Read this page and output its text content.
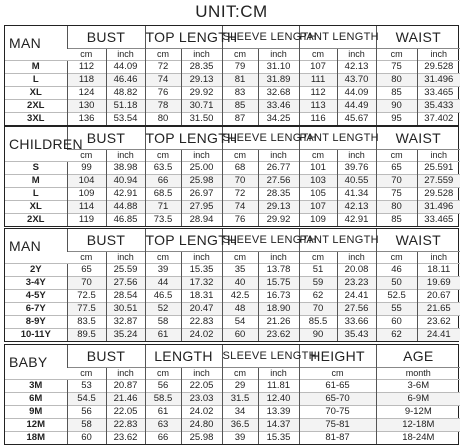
UNIT:CM
MAN	BUST		TOP LENGTH		SLEEVE LENGTH		PANT LENGTH		WAIST	
	cm	inch	cm	inch	cm	inch	cm	inch	cm	inch
M	112	44.09	72	28.35	79	31.10	107	42.13	75	29.528
L	118	46.46	74	29.13	81	31.89	111	43.70	80	31.496
XL	124	48.82	76	29.92	83	32.68	112	44.09	85	33.465
2XL	130	51.18	78	30.71	85	33.46	113	44.49	90	35.433
3XL	136	53.54	80	31.50	87	34.25	116	45.67	95	37.402
CHILDREN	BUST		TOP LENGTH		SLEEVE LENGTH		PANT LENGTH		WAIST	
	cm	inch	cm	inch	cm	inch	cm	inch	cm	inch
S	99	38.98	63.5	25.00	68	26.77	101	39.76	65	25.591
M	104	40.94	66	25.98	70	27.56	103	40.55	70	27.559
L	109	42.91	68.5	26.97	72	28.35	105	41.34	75	29.528
XL	114	44.88	71	27.95	74	29.13	107	42.13	80	31.496
2XL	119	46.85	73.5	28.94	76	29.92	109	42.91	85	33.465
MAN	BUST		TOP LENGTH		SLEEVE LENGTH		PANT LENGTH		WAIST	
	cm	inch	cm	inch	cm	inch	cm	inch	cm	inch
2Y	65	25.59	39	15.35	35	13.78	51	20.08	46	18.11
3-4Y	70	27.56	44	17.32	40	15.75	59	23.23	50	19.69
4-5Y	72.5	28.54	46.5	18.31	42.5	16.73	62	24.41	52.5	20.67
6-7Y	77.5	30.51	52	20.47	48	18.90	70	27.56	55	21.65
8-9Y	83.5	32.87	58	22.83	54	21.26	85.5	33.66	60	23.62
10-11Y	89.5	35.24	61	24.02	60	23.62	90	35.43	62	24.41
BABY	BUST		LENGTH		SLEEVE LENGTH		HEIGHT	AGE
	cm	inch	cm	inch	cm	inch	cm	month
3M	53	20.87	56	22.05	29	11.81	61-65	3-6M
6M	54.5	21.46	58.5	23.03	31.5	12.40	65-70	6-9M
9M	56	22.05	61	24.02	34	13.39	70-75	9-12M
12M	58	22.83	63	24.80	36.5	14.37	75-81	12-18M
18M	60	23.62	66	25.98	39	15.35	81-87	18-24M
